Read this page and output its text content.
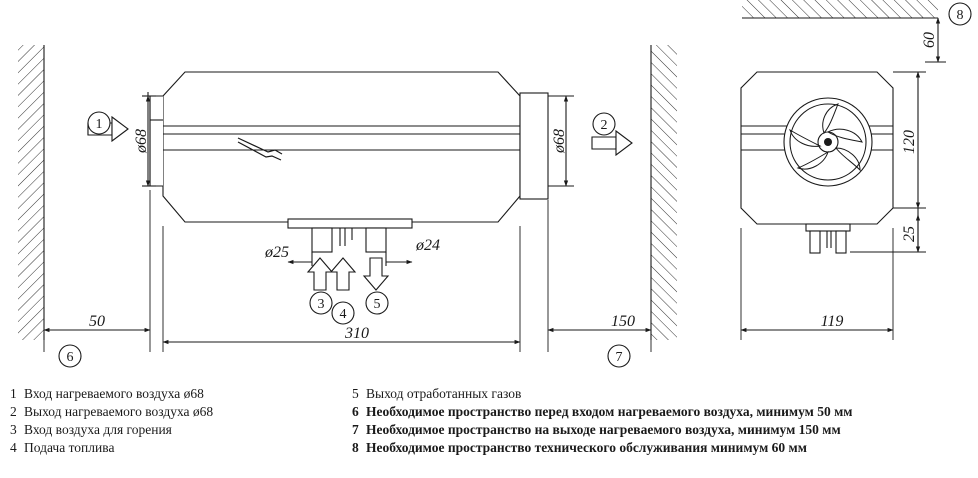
1	2
3
4
5
6	7
8
ø68	ø68
ø25	ø24
50
310
150
60
120
25
119
1 Вход нагреваемого воздуха ø68
2 Выход нагреваемого воздуха ø68
3 Вход воздуха для горения
4 Подача топлива
5 Выход отработанных газов
6 Необходимое пространство перед входом нагреваемого воздуха, минимум 50 мм
7 Необходимое пространство на выходе нагреваемого воздуха, минимум 150 мм
8 Необходимое пространство технического обслуживания минимум 60 мм
